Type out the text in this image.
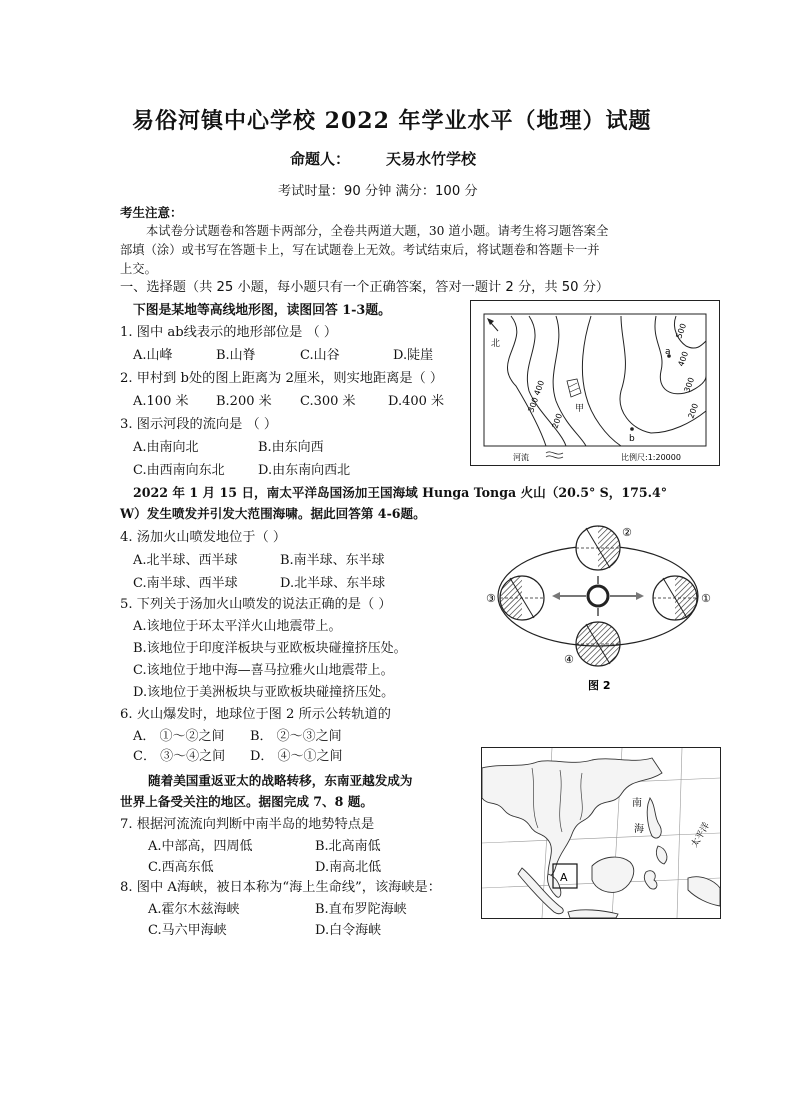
易俗河镇中心学校 2022 年学业水平（地理）试题
命题人： 天易水竹学校
考试时量：90 分钟 满分：100 分
考生注意：
本试卷分试题卷和答题卡两部分，全卷共两道大题，30 道小题。请考生将习题答案全
部填（涂）或书写在答题卡上，写在试题卷上无效。考试结束后，将试题卷和答题卡一并
上交。
一、选择题（共 25 小题，每小题只有一个正确答案，答对一题计 2 分，共 50 分）
下图是某地等高线地形图，读图回答 1-3题。
1. 图中 ab线表示的地形部位是 （ ）
A.山峰	B.山脊	C.山谷	D.陡崖
2. 甲村到 b处的图上距离为 2厘米，则实地距离是（ ）
A.100 米 B.200 米 C.300 米 D.400 米
3. 图示河段的流向是 （ ）
A.由南向北	B.由东向西
C.由西南向东北	D.由东南向西北
北
500
400
300
400
300
200
200
a
b
甲
河流	比例尺:1:20000
2022 年 1 月 15 日，南太平洋岛国汤加王国海域 Hunga Tonga 火山（20.5° S，175.4°
W）发生喷发并引发大范围海啸。据此回答第 4-6题。
4. 汤加火山喷发地位于（ ）
A.北半球、西半球	B.南半球、东半球
C.南半球、西半球	D.北半球、东半球
5. 下列关于汤加火山喷发的说法正确的是（ ）
A.该地位于环太平洋火山地震带上。
B.该地位于印度洋板块与亚欧板块碰撞挤压处。
C.该地位于地中海—喜马拉雅火山地震带上。
D.该地位于美洲板块与亚欧板块碰撞挤压处。
6. 火山爆发时，地球位于图 2 所示公转轨道的
A． ①～②之间 B． ②～③之间
C． ③～④之间 D． ④～①之间
②
③	①
④
图 2
随着美国重返亚太的战略转移，东南亚越发成为
世界上备受关注的地区。据图完成 7、8 题。
7. 根据河流流向判断中南半岛的地势特点是
A.中部高，四周低	B.北高南低
C.西高东低	D.南高北低
8. 图中 A海峡，被日本称为“海上生命线”，该海峡是：
A.霍尔木兹海峡	B.直布罗陀海峡
C.马六甲海峡	D.白令海峡
A
南
海	太平洋
